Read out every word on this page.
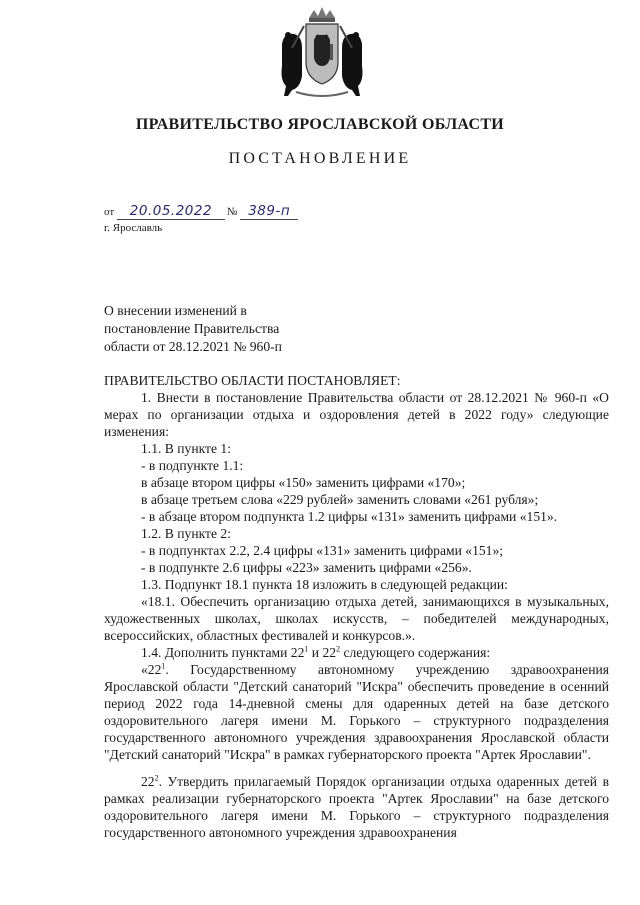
ПРАВИТЕЛЬСТВО ЯРОСЛАВСКОЙ ОБЛАСТИ
ПОСТАНОВЛЕНИЕ
от 20.05.2022 № 389-п
г. Ярославль
О внесении изменений в
постановление Правительства
области от 28.12.2021 № 960-п
ПРАВИТЕЛЬСТВО ОБЛАСТИ ПОСТАНОВЛЯЕТ:
1. Внести в постановление Правительства области от 28.12.2021 № 960-п «О мерах по организации отдыха и оздоровления детей в 2022 году» следующие изменения:
1.1. В пункте 1:
- в подпункте 1.1:
в абзаце втором цифры «150» заменить цифрами «170»;
в абзаце третьем слова «229 рублей» заменить словами «261 рубля»;
- в абзаце втором подпункта 1.2 цифры «131» заменить цифрами «151».
1.2. В пункте 2:
- в подпунктах 2.2, 2.4 цифры «131» заменить цифрами «151»;
- в подпункте 2.6 цифры «223» заменить цифрами «256».
1.3. Подпункт 18.1 пункта 18 изложить в следующей редакции:
«18.1. Обеспечить организацию отдыха детей, занимающихся в музыкальных, художественных школах, школах искусств, – победителей международных, всероссийских, областных фестивалей и конкурсов.».
1.4. Дополнить пунктами $22^1$ и $22^2$ следующего содержания:
«$22^1$. Государственному автономному учреждению здравоохранения Ярославской области "Детский санаторий "Искра" обеспечить проведение в осенний период 2022 года 14-дневной смены для одаренных детей на базе детского оздоровительного лагеря имени М. Горького – структурного подразделения государственного автономного учреждения здравоохранения Ярославской области "Детский санаторий "Искра" в рамках губернаторского проекта "Артек Ярославии".
$22^2$. Утвердить прилагаемый Порядок организации отдыха одаренных детей в рамках реализации губернаторского проекта "Артек Ярославии" на базе детского оздоровительного лагеря имени М. Горького – структурного подразделения государственного автономного учреждения здравоохранения
